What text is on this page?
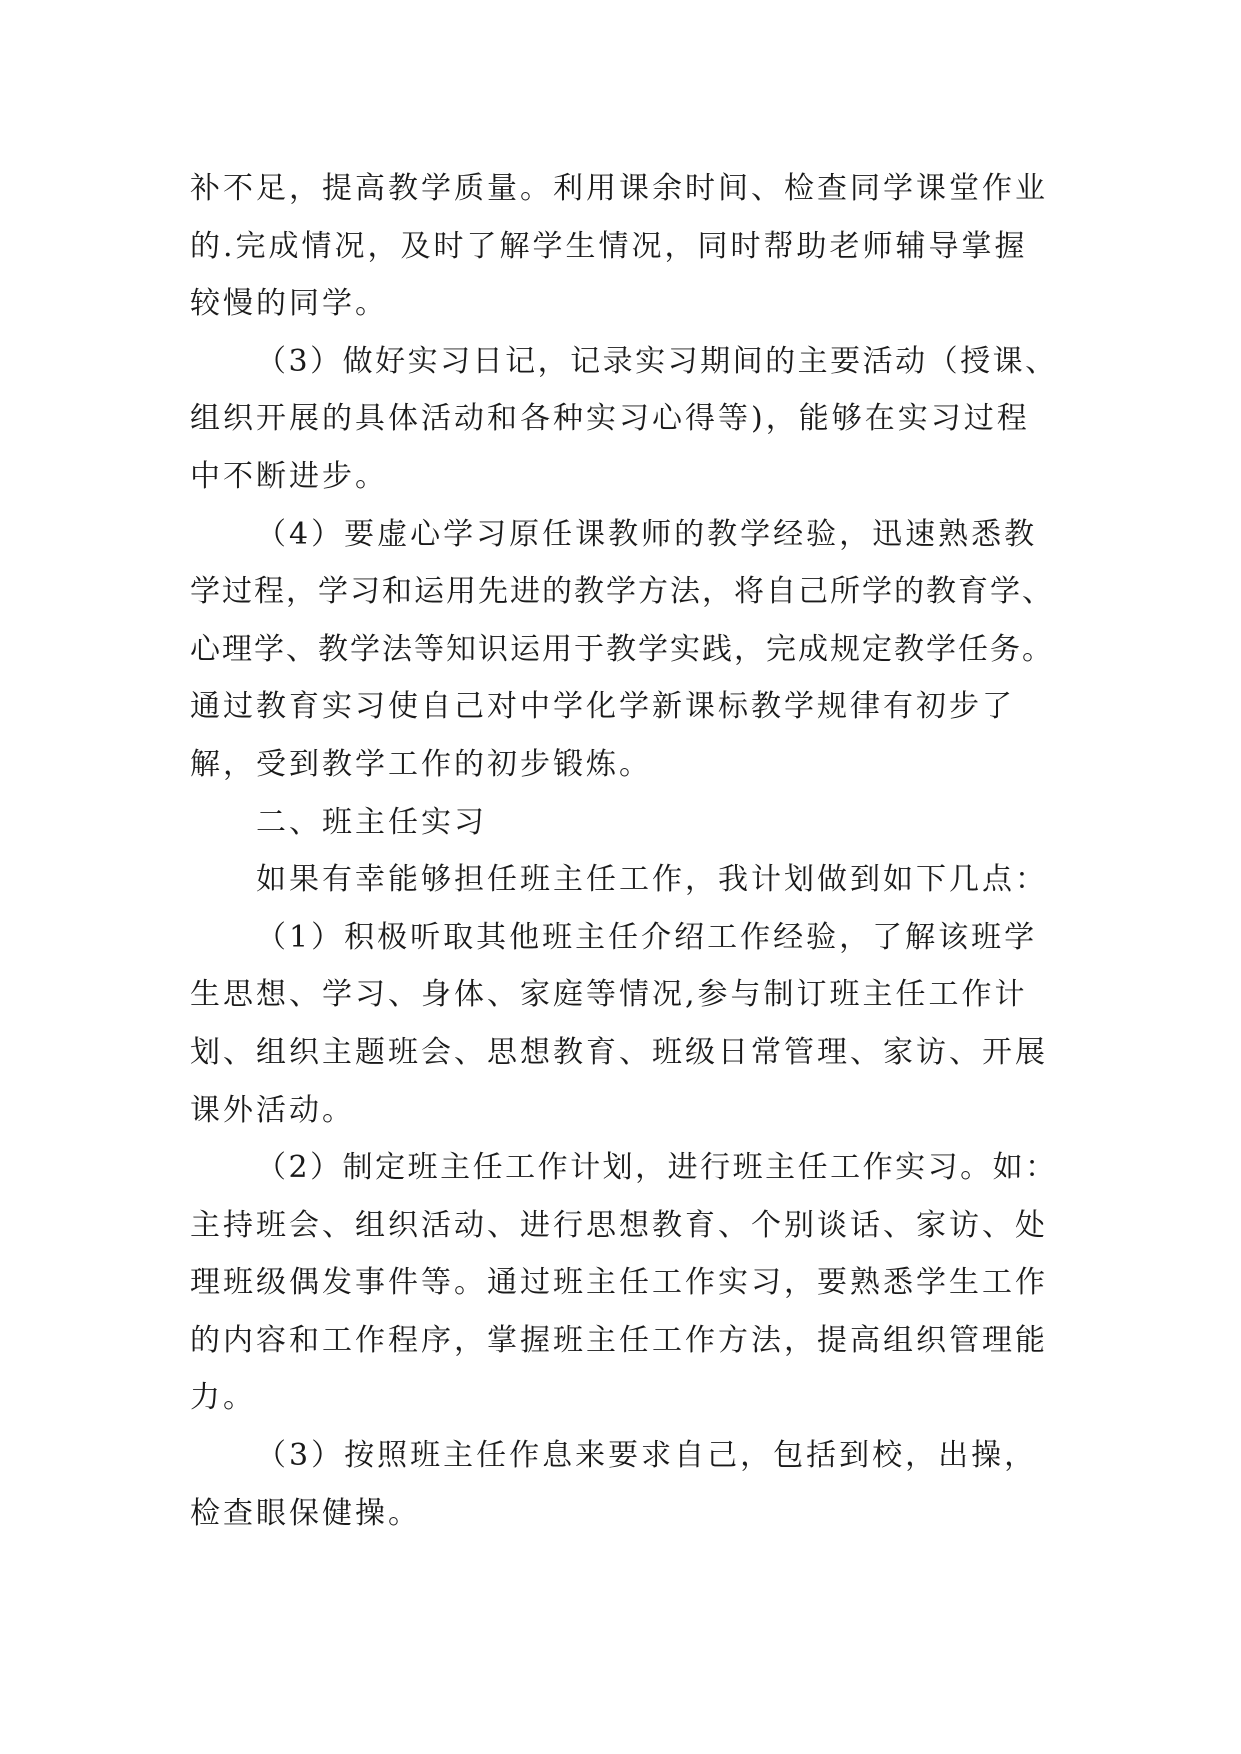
补不足，提高教学质量。利用课余时间、检查同学课堂作业
的.完成情况，及时了解学生情况，同时帮助老师辅导掌握
较慢的同学。
（3）做好实习日记，记录实习期间的主要活动（授课、
组织开展的具体活动和各种实习心得等)，能够在实习过程
中不断进步。
（4）要虚心学习原任课教师的教学经验，迅速熟悉教
学过程，学习和运用先进的教学方法，将自己所学的教育学、
心理学、教学法等知识运用于教学实践，完成规定教学任务。
通过教育实习使自己对中学化学新课标教学规律有初步了
解，受到教学工作的初步锻炼。
二、班主任实习
如果有幸能够担任班主任工作，我计划做到如下几点：
（1）积极听取其他班主任介绍工作经验，了解该班学
生思想、学习、身体、家庭等情况,参与制订班主任工作计
划、组织主题班会、思想教育、班级日常管理、家访、开展
课外活动。
（2）制定班主任工作计划，进行班主任工作实习。如：
主持班会、组织活动、进行思想教育、个别谈话、家访、处
理班级偶发事件等。通过班主任工作实习，要熟悉学生工作
的内容和工作程序，掌握班主任工作方法，提高组织管理能
力。
（3）按照班主任作息来要求自己，包括到校，出操，
检查眼保健操。
